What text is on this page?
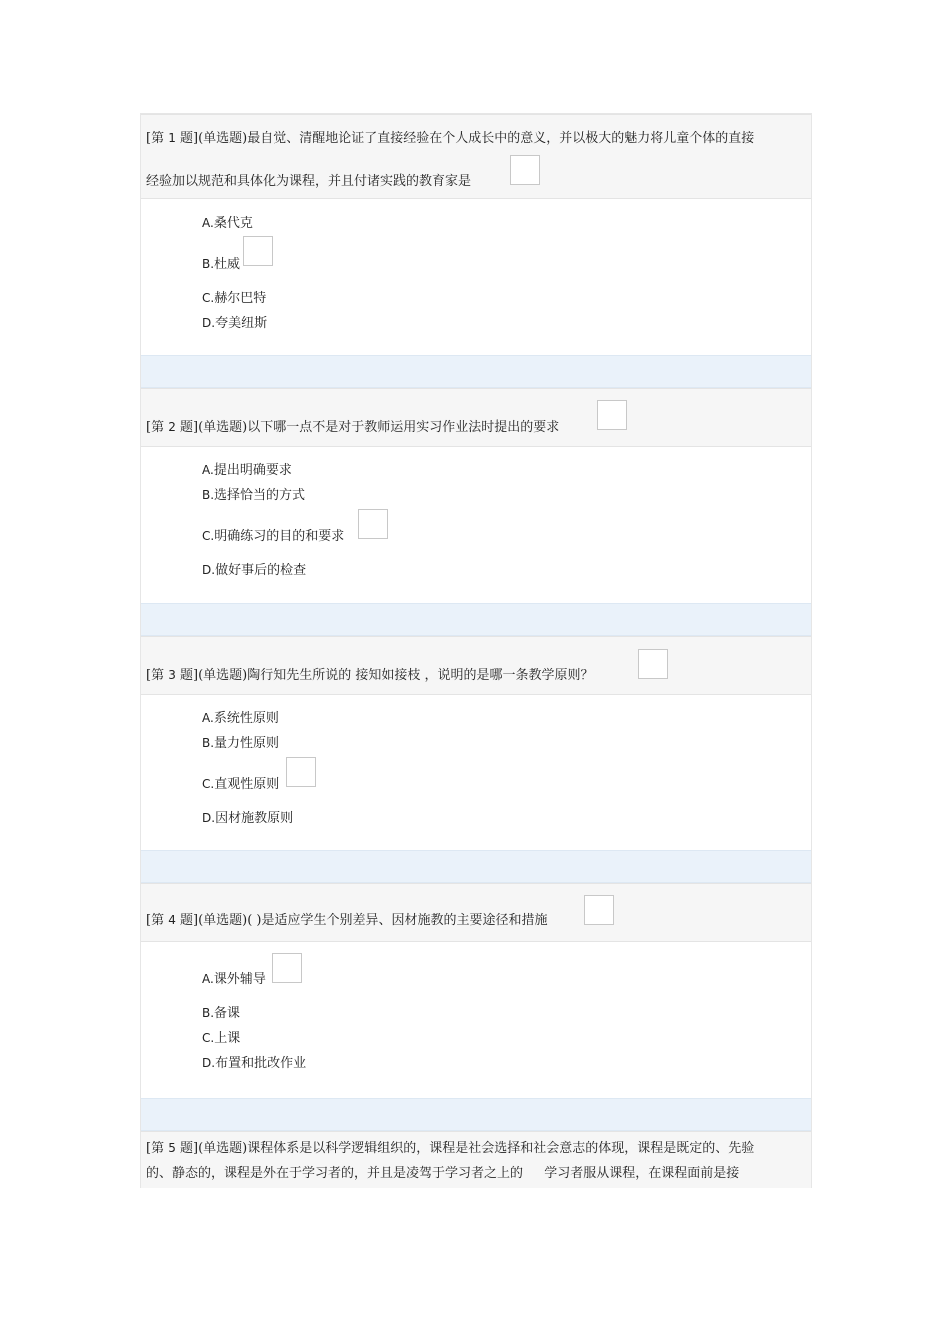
[第 1 题](单选题)最自觉、清醒地论证了直接经验在个人成长中的意义，并以极大的魅力将儿童个体的直接
经验加以规范和具体化为课程，并且付诸实践的教育家是
A.桑代克
B.杜威
C.赫尔巴特
D.夸美纽斯
[第 2 题](单选题)以下哪一点不是对于教师运用实习作业法时提出的要求
A.提出明确要求
B.选择恰当的方式
C.明确练习的目的和要求
D.做好事后的检查
[第 3 题](单选题)陶行知先生所说的 接知如接枝 ，说明的是哪一条教学原则？
A.系统性原则
B.量力性原则
C.直观性原则
D.因材施教原则
[第 4 题](单选题)( )是适应学生个别差异、因材施教的主要途径和措施
A.课外辅导
B.备课
C.上课
D.布置和批改作业
[第 5 题](单选题)课程体系是以科学逻辑组织的，课程是社会选择和社会意志的体现，课程是既定的、先验
的、静态的，课程是外在于学习者的，并且是凌驾于学习者之上的 　 学习者服从课程，在课程面前是接
